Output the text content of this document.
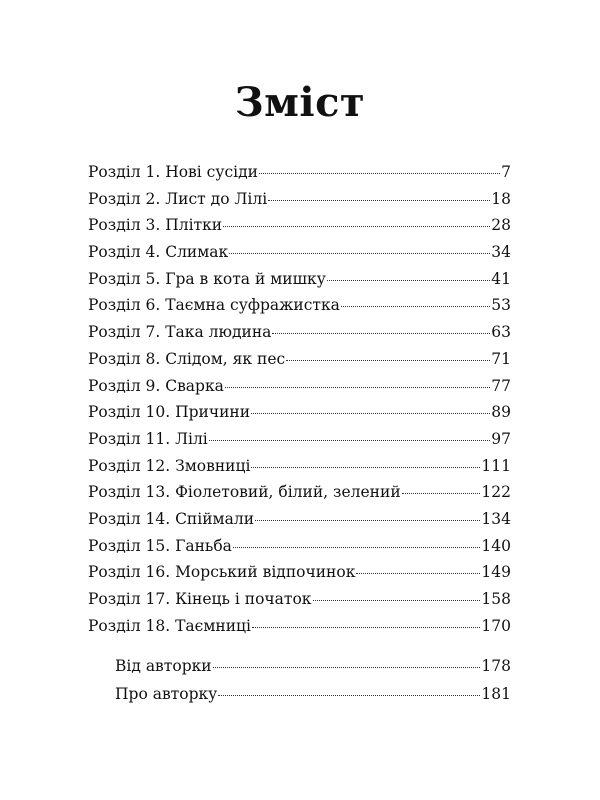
Зміст
Розділ 1. Нові сусіди	7
Розділ 2. Лист до Лілі	18
Розділ 3. Плітки	28
Розділ 4. Слимак	34
Розділ 5. Гра в кота й мишку	41
Розділ 6. Таємна суфражистка	53
Розділ 7. Така людина	63
Розділ 8. Слідом, як пес	71
Розділ 9. Сварка	77
Розділ 10. Причини	89
Розділ 11. Лілі	97
Розділ 12. Змовниці	111
Розділ 13. Фіолетовий, білий, зелений	122
Розділ 14. Спіймали	134
Розділ 15. Ганьба	140
Розділ 16. Морський відпочинок	149
Розділ 17. Кінець і початок	158
Розділ 18. Таємниці	170
Від авторки	178
Про авторку	181
